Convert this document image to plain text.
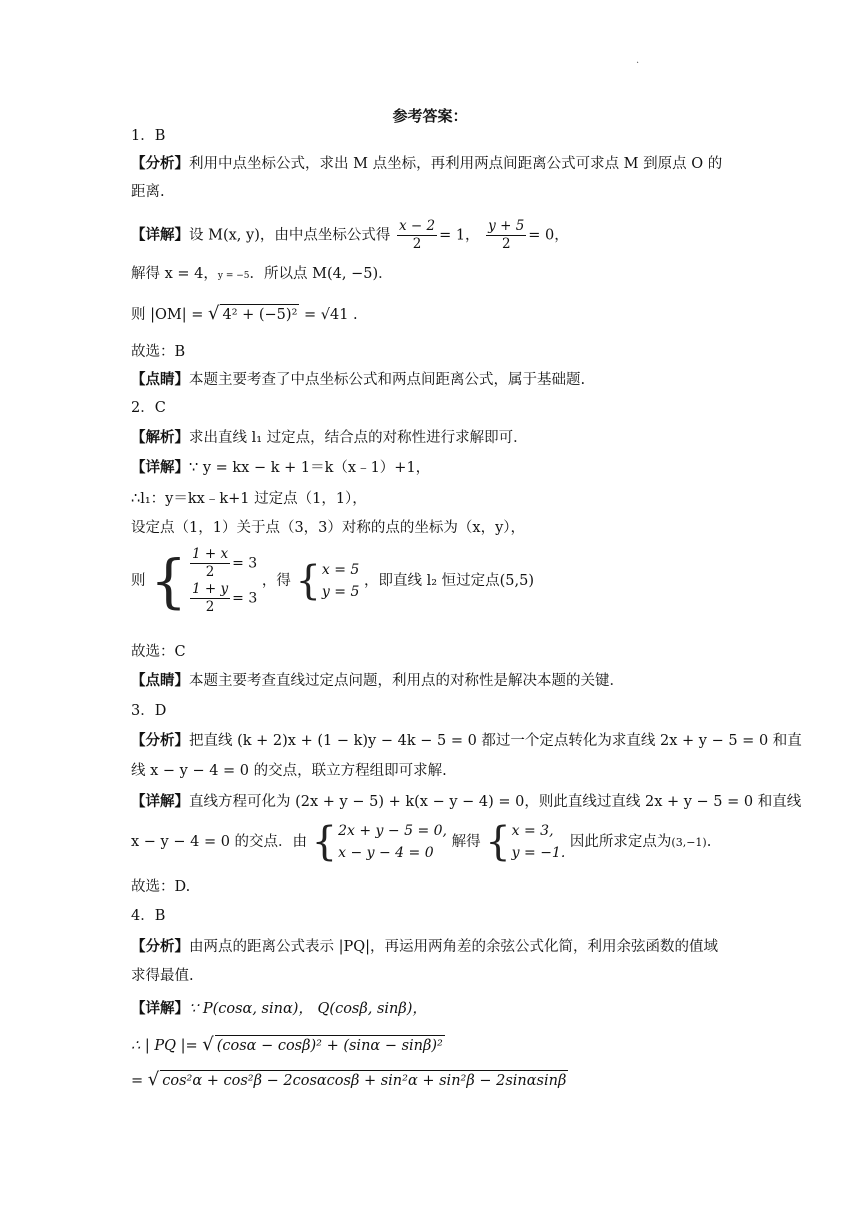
·
参考答案：
1．B
【分析】利用中点坐标公式，求出 M 点坐标，再利用两点间距离公式可求点 M 到原点 O 的
距离.
【详解】设 M(x, y)，由中点坐标公式得 $\frac{x - 2}{2} = 1$， $\frac{y + 5}{2} = 0$，
解得 x = 4，y = −5．所以点 M(4, −5)．
则 |OM| = √ 4² + (−5)² = √41 .
故选：B
【点睛】本题主要考查了中点坐标公式和两点间距离公式，属于基础题.
2．C
【解析】求出直线 l₁ 过定点，结合点的对称性进行求解即可．
【详解】∵ y = kx − k + 1＝k（x﹣1）+1，
∴l₁：y＝kx﹣k+1 过定点（1，1），
设定点（1，1）关于点（3，3）对称的点的坐标为（x，y），
则 { $\frac{1 + x}{2} = 3$
$\frac{1 + y}{2} = 3$
，得 { x = 5
y = 5
，即直线 l₂ 恒过定点(5,5)
故选：C
【点睛】本题主要考查直线过定点问题，利用点的对称性是解决本题的关键．
3．D
【分析】把直线 (k + 2)x + (1 − k)y − 4k − 5 = 0 都过一个定点转化为求直线 2x + y − 5 = 0 和直
线 x − y − 4 = 0 的交点，联立方程组即可求解.
【详解】直线方程可化为 (2x + y − 5) + k(x − y − 4) = 0，则此直线过直线 2x + y − 5 = 0 和直线
x − y − 4 = 0 的交点．由 { 2x + y − 5 = 0,
x − y − 4 = 0
解得 { x = 3,
y = −1.
因此所求定点为(3,−1).
故选：D.
4．B
【分析】由两点的距离公式表示 |PQ|，再运用两角差的余弦公式化简，利用余弦函数的值域
求得最值.
【详解】∵ P(cosα, sinα)， Q(cosβ, sinβ)，
∴ | PQ |= √ (cosα − cosβ)² + (sinα − sinβ)²
= √ cos²α + cos²β − 2cosαcosβ + sin²α + sin²β − 2sinαsinβ
